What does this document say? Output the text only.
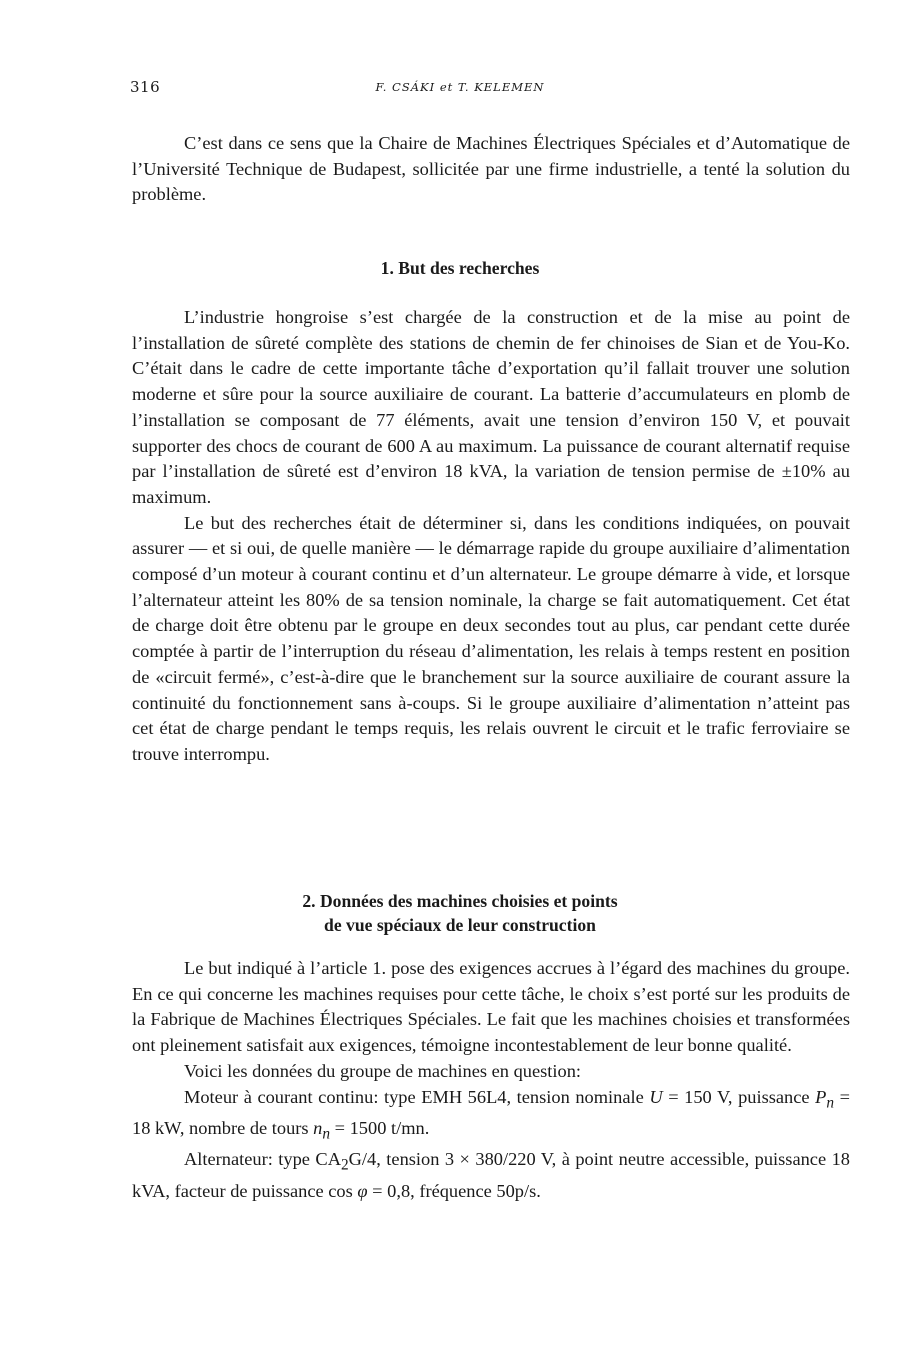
316	F. CSÁKI et T. KELEMEN

C’est dans ce sens que la Chaire de Machines Électriques Spéciales et d’Automatique de l’Université Technique de Budapest, sollicitée par une firme industrielle, a tenté la solution du problème.

1. But des recherches

L’industrie hongroise s’est chargée de la construction et de la mise au point de l’installation de sûreté complète des stations de chemin de fer chinoises de Sian et de You-Ko. C’était dans le cadre de cette importante tâche d’exportation qu’il fallait trouver une solution moderne et sûre pour la source auxiliaire de courant. La batterie d’accumulateurs en plomb de l’installation se composant de 77 éléments, avait une tension d’environ 150 V, et pouvait supporter des chocs de courant de 600 A au maximum. La puissance de courant alternatif requise par l’installation de sûreté est d’environ 18 kVA, la variation de tension permise de ±10% au maximum.

Le but des recherches était de déterminer si, dans les conditions indiquées, on pouvait assurer — et si oui, de quelle manière — le démarrage rapide du groupe auxiliaire d’alimentation composé d’un moteur à courant continu et d’un alternateur. Le groupe démarre à vide, et lorsque l’alternateur atteint les 80% de sa tension nominale, la charge se fait automatiquement. Cet état de charge doit être obtenu par le groupe en deux secondes tout au plus, car pendant cette durée comptée à partir de l’interruption du réseau d’alimentation, les relais à temps restent en position de «circuit fermé», c’est-à-dire que le branchement sur la source auxiliaire de courant assure la continuité du fonctionnement sans à-coups. Si le groupe auxiliaire d’alimentation n’atteint pas cet état de charge pendant le temps requis, les relais ouvrent le circuit et le trafic ferroviaire se trouve interrompu.

2. Données des machines choisies et points
de vue spéciaux de leur construction

Le but indiqué à l’article 1. pose des exigences accrues à l’égard des machines du groupe. En ce qui concerne les machines requises pour cette tâche, le choix s’est porté sur les produits de la Fabrique de Machines Électriques Spéciales. Le fait que les machines choisies et transformées ont pleinement satisfait aux exigences, témoigne incontestablement de leur bonne qualité.

Voici les données du groupe de machines en question:

Moteur à courant continu: type EMH 56L4, tension nominale U = 150 V, puissance $P_n = 18$ kW, nombre de tours $n_n = 1500$ t/mn.

Alternateur: type $CA_2G/4$, tension 3 × 380/220 V, à point neutre accessible, puissance 18 kVA, facteur de puissance cos φ = 0,8, fréquence 50p/s.
